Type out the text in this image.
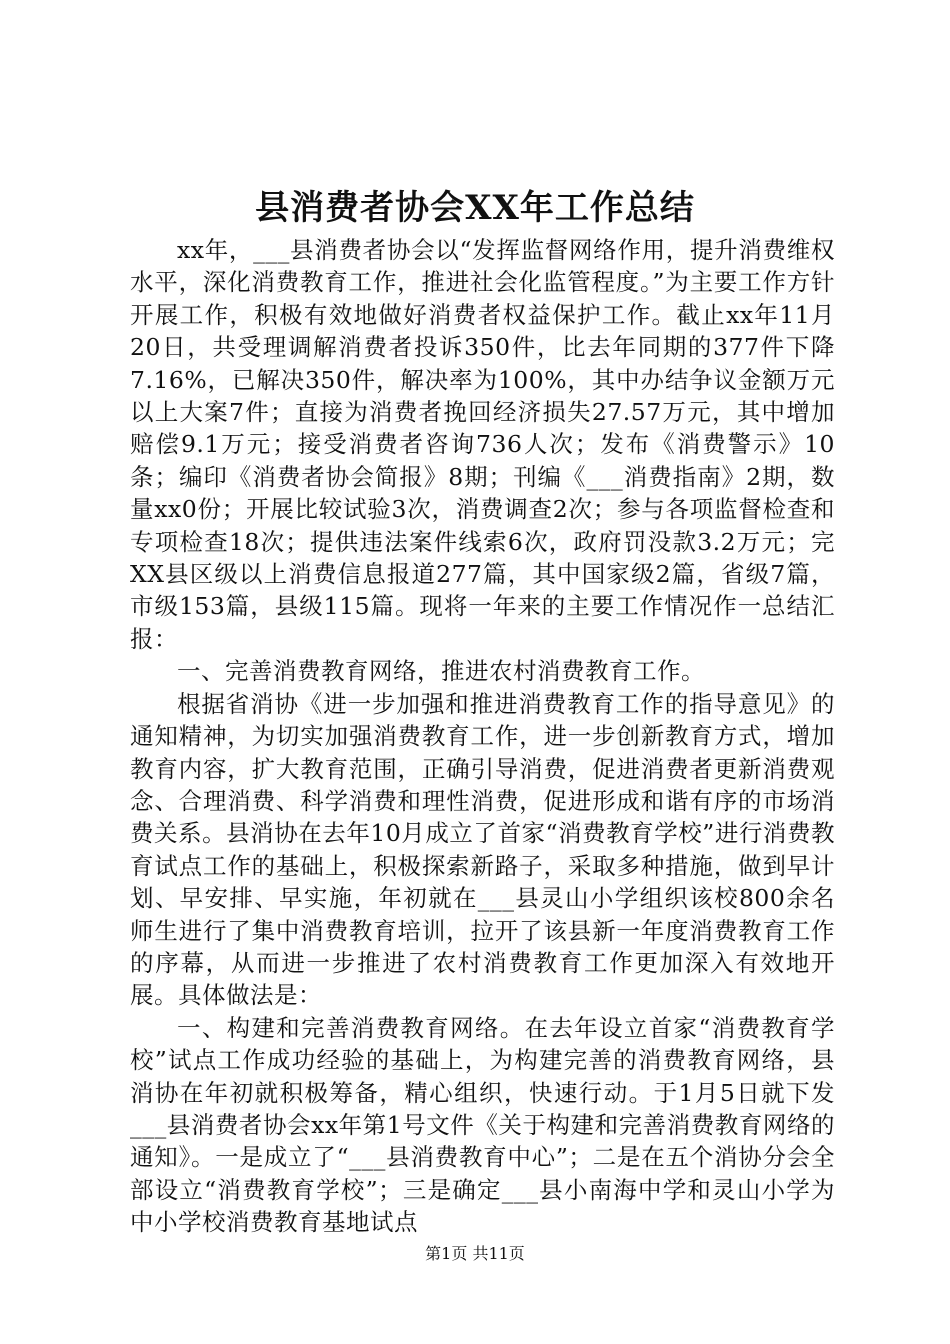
县消费者协会XX年工作总结

xx年，___县消费者协会以“发挥监督网络作用，提升消费维权水平，深化消费教育工作，推进社会化监管程度。”为主要工作方针开展工作，积极有效地做好消费者权益保护工作。截止xx年11月20日，共受理调解消费者投诉350件，比去年同期的377件下降7.16%，已解决350件，解决率为100%，其中办结争议金额万元以上大案7件；直接为消费者挽回经济损失27.57万元，其中增加赔偿9.1万元；接受消费者咨询736人次；发布《消费警示》10条；编印《消费者协会简报》8期；刊编《___消费指南》2期，数量xx0份；开展比较试验3次，消费调查2次；参与各项监督检查和专项检查18次；提供违法案件线索6次，政府罚没款3.2万元；完XX县区级以上消费信息报道277篇，其中国家级2篇，省级7篇，市级153篇，县级115篇。现将一年来的主要工作情况作一总结汇报：

一、完善消费教育网络，推进农村消费教育工作。

根据省消协《进一步加强和推进消费教育工作的指导意见》的通知精神，为切实加强消费教育工作，进一步创新教育方式，增加教育内容，扩大教育范围，正确引导消费，促进消费者更新消费观念、合理消费、科学消费和理性消费，促进形成和谐有序的市场消费关系。县消协在去年10月成立了首家“消费教育学校”进行消费教育试点工作的基础上，积极探索新路子，采取多种措施，做到早计划、早安排、早实施，年初就在___县灵山小学组织该校800余名师生进行了集中消费教育培训，拉开了该县新一年度消费教育工作的序幕，从而进一步推进了农村消费教育工作更加深入有效地开展。具体做法是：

一、构建和完善消费教育网络。在去年设立首家“消费教育学校”试点工作成功经验的基础上，为构建完善的消费教育网络，县消协在年初就积极筹备，精心组织，快速行动。于1月5日就下发___县消费者协会xx年第1号文件《关于构建和完善消费教育网络的通知》。一是成立了“___县消费教育中心”；二是在五个消协分会全部设立“消费教育学校”；三是确定___县小南海中学和灵山小学为中小学校消费教育基地试点

第1页 共11页
